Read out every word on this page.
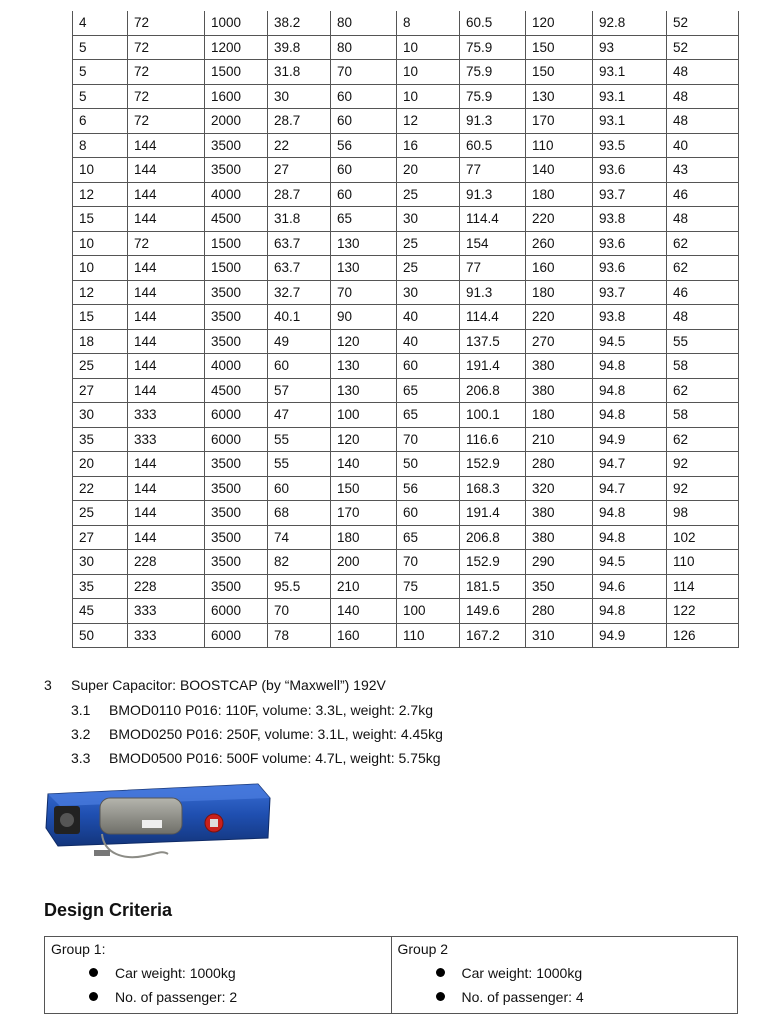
4	72	1000	38.2	80	8	60.5	120	92.8	52
5	72	1200	39.8	80	10	75.9	150	93	52
5	72	1500	31.8	70	10	75.9	150	93.1	48
5	72	1600	30	60	10	75.9	130	93.1	48
6	72	2000	28.7	60	12	91.3	170	93.1	48
8	144	3500	22	56	16	60.5	110	93.5	40
10	144	3500	27	60	20	77	140	93.6	43
12	144	4000	28.7	60	25	91.3	180	93.7	46
15	144	4500	31.8	65	30	114.4	220	93.8	48
10	72	1500	63.7	130	25	154	260	93.6	62
10	144	1500	63.7	130	25	77	160	93.6	62
12	144	3500	32.7	70	30	91.3	180	93.7	46
15	144	3500	40.1	90	40	114.4	220	93.8	48
18	144	3500	49	120	40	137.5	270	94.5	55
25	144	4000	60	130	60	191.4	380	94.8	58
27	144	4500	57	130	65	206.8	380	94.8	62
30	333	6000	47	100	65	100.1	180	94.8	58
35	333	6000	55	120	70	116.6	210	94.9	62
20	144	3500	55	140	50	152.9	280	94.7	92
22	144	3500	60	150	56	168.3	320	94.7	92
25	144	3500	68	170	60	191.4	380	94.8	98
27	144	3500	74	180	65	206.8	380	94.8	102
30	228	3500	82	200	70	152.9	290	94.5	110
35	228	3500	95.5	210	75	181.5	350	94.6	114
45	333	6000	70	140	100	149.6	280	94.8	122
50	333	6000	78	160	110	167.2	310	94.9	126
3 Super Capacitor: BOOSTCAP (by “Maxwell”) 192V
3.1 BMOD0110 P016: 110F, volume: 3.3L, weight: 2.7kg
3.2 BMOD0250 P016: 250F, volume: 3.1L, weight: 4.45kg
3.3 BMOD0500 P016: 500F volume: 4.7L, weight: 5.75kg
Design Criteria
Group 1:
Car weight: 1000kg
No. of passenger: 2

Group 2
Car weight: 1000kg
No. of passenger: 4
